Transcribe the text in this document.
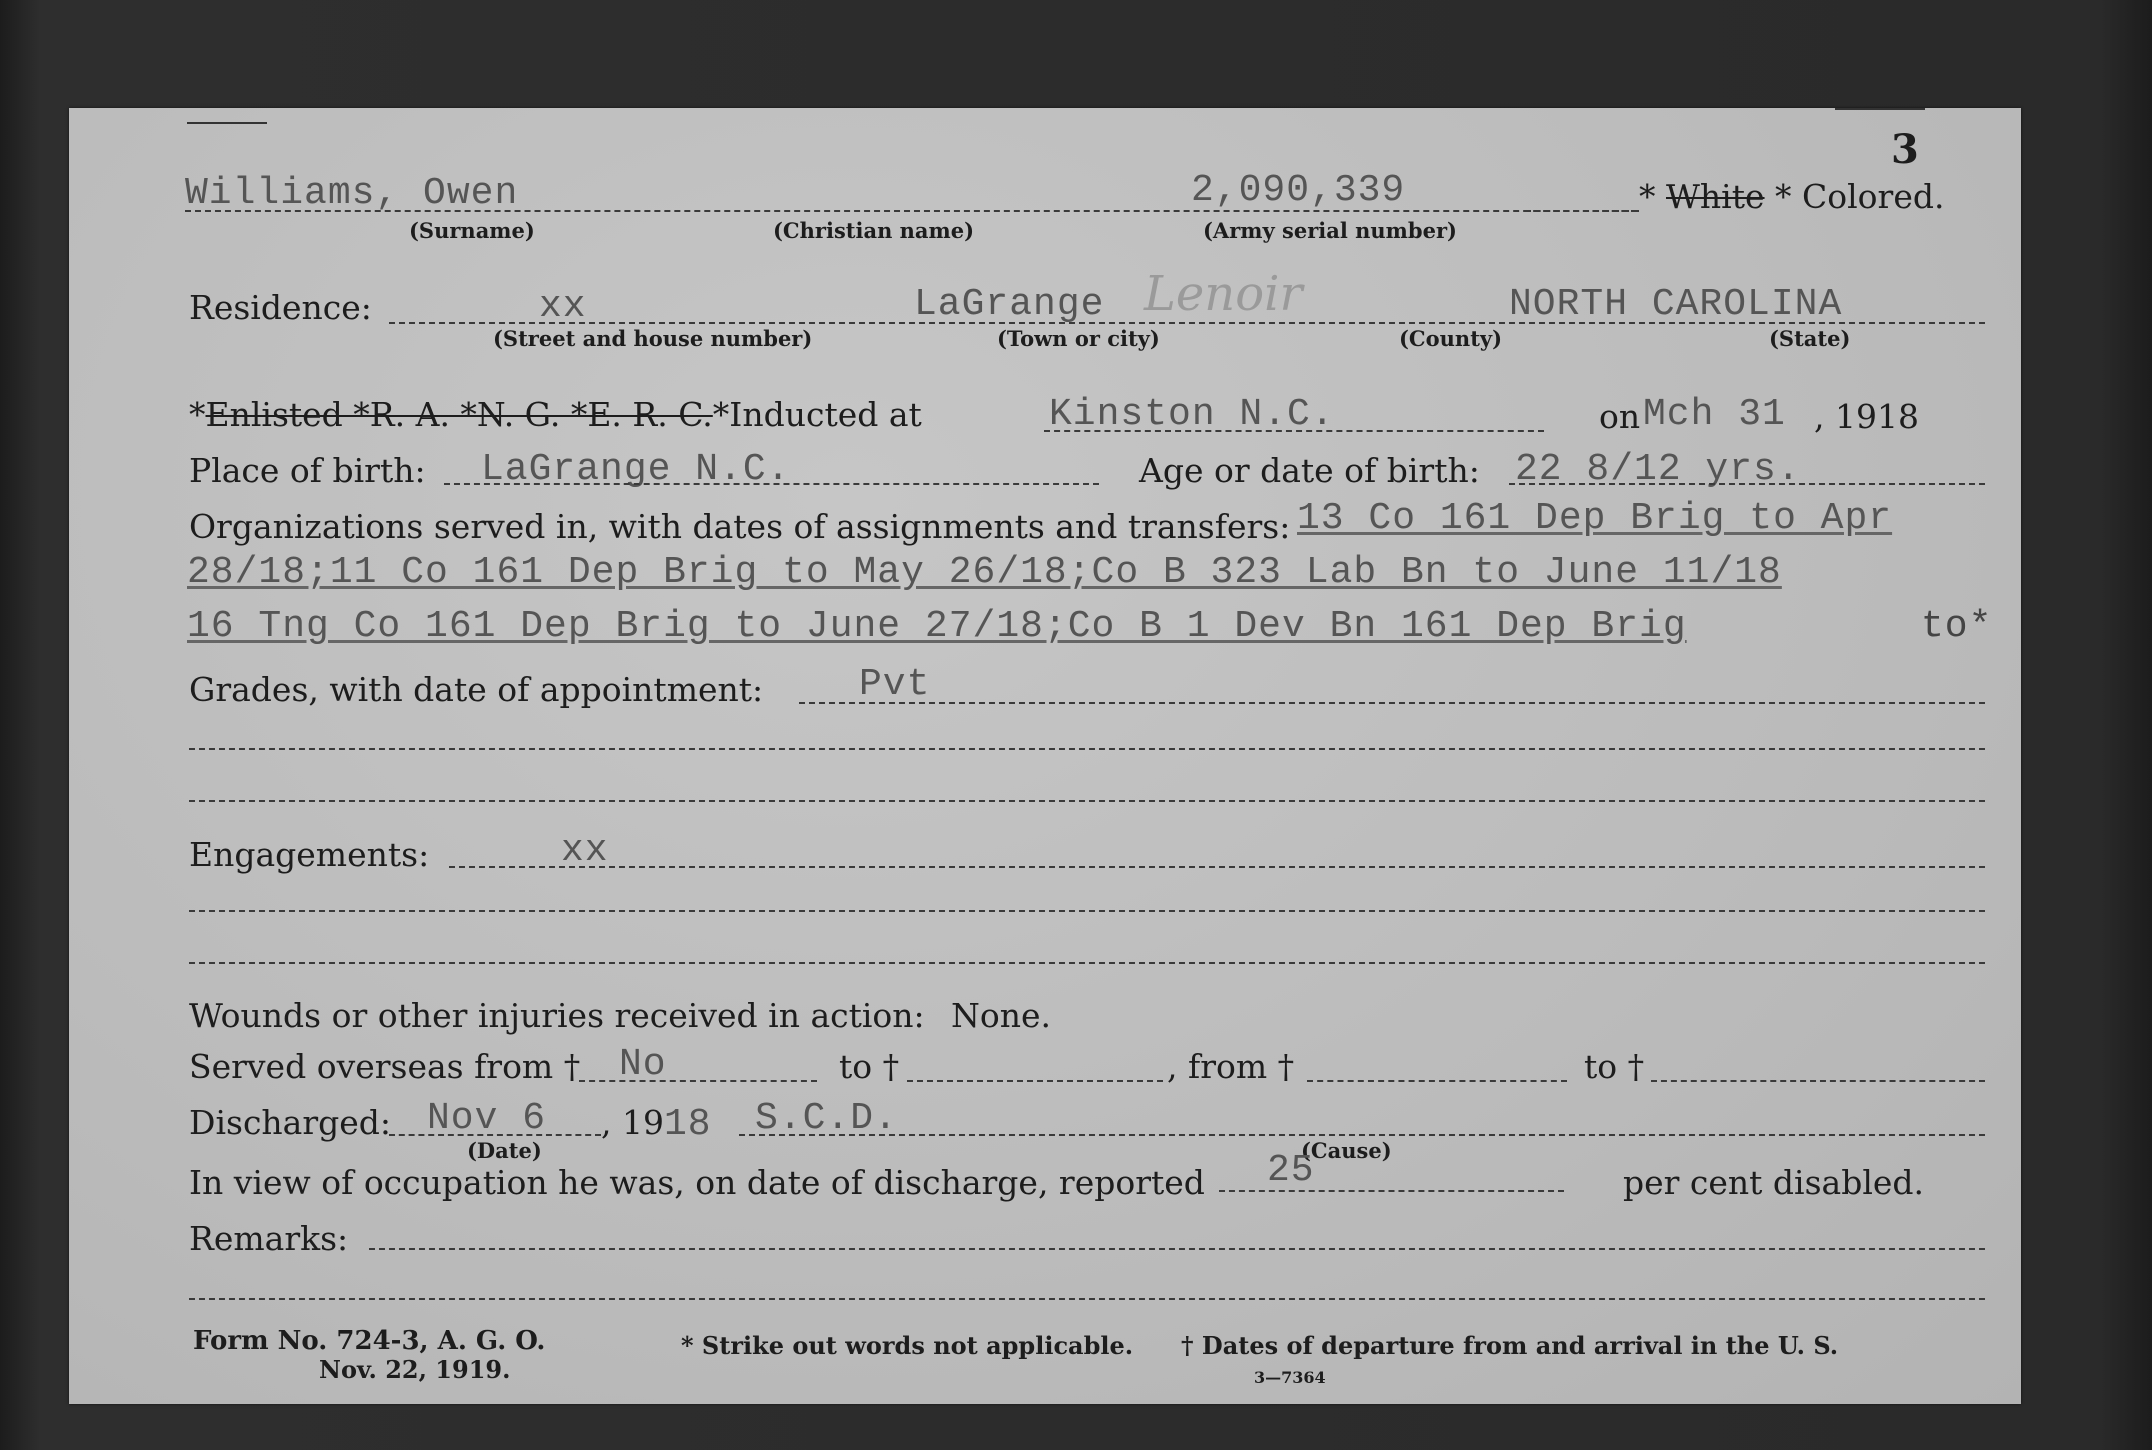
3
Williams, Owen	2,090,339	* White * Colored.
(Surname)	(Christian name)	(Army serial number)
Residence:	xx	LaGrange Lenoir	NORTH CAROLINA
(Street and house number)	(Town or city)	(County)	(State)
*Enlisted *R. A. *N. G. *E. R. C.*Inducted at	Kinston N.C.	on Mch 31 , 1918
Place of birth: LaGrange N.C.	Age or date of birth: 22 8/12 yrs.
Organizations served in, with dates of assignments and transfers: 13 Co 161 Dep Brig to Apr
28/18;11 Co 161 Dep Brig to May 26/18;Co B 323 Lab Bn to June 11/18
16 Tng Co 161 Dep Brig to June 27/18;Co B 1 Dev Bn 161 Dep Brig	to*
Grades, with date of appointment:	Pvt
Engagements:	xx
Wounds or other injuries received in action: None.
Served overseas from † No	to †	, from †	to †
Discharged: Nov 6 , 1918 S.C.D.
(Date)	(Cause)
In view of occupation he was, on date of discharge, reported 25	per cent disabled.
Remarks:
Form No. 724-3, A. G. O.
Nov. 22, 1919.
* Strike out words not applicable. † Dates of departure from and arrival in the U. S.
3—7364
